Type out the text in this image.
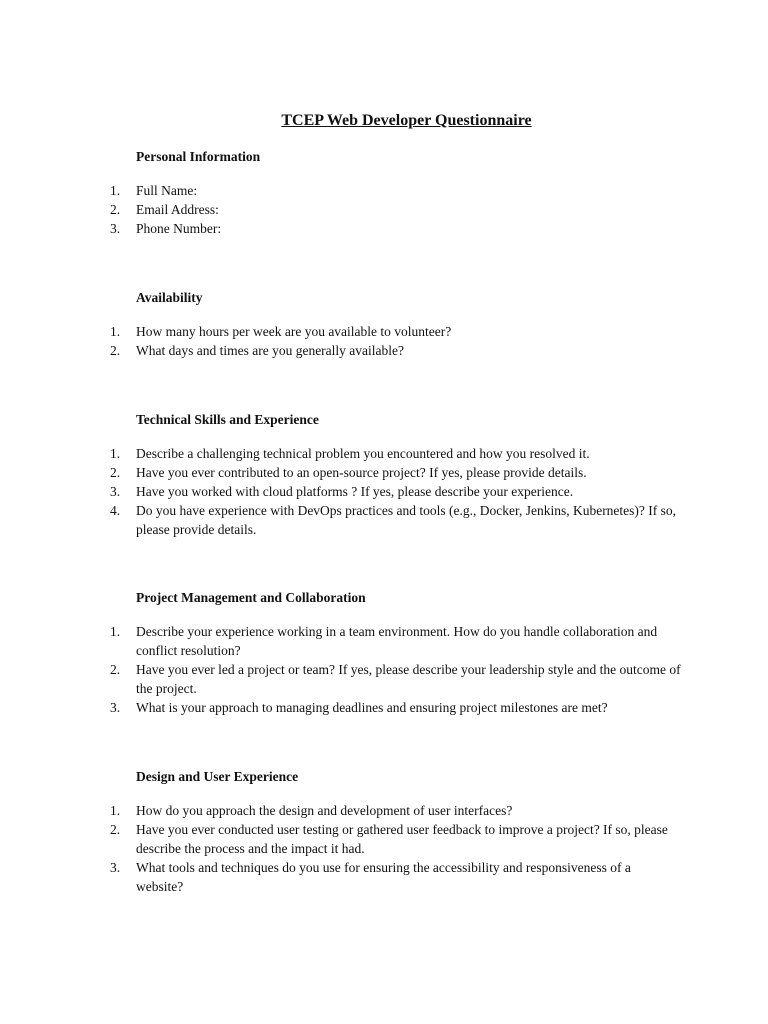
TCEP Web Developer Questionnaire
Personal Information
1.	Full Name:
2.	Email Address:
3.	Phone Number:
Availability
1.	How many hours per week are you available to volunteer?
2.	What days and times are you generally available?
Technical Skills and Experience
1.	Describe a challenging technical problem you encountered and how you resolved it.
2.	Have you ever contributed to an open-source project? If yes, please provide details.
3.	Have you worked with cloud platforms ? If yes, please describe your experience.
4.	Do you have experience with DevOps practices and tools (e.g., Docker, Jenkins, Kubernetes)? If so, please provide details.
Project Management and Collaboration
1.	Describe your experience working in a team environment. How do you handle collaboration and conflict resolution?
2.	Have you ever led a project or team? If yes, please describe your leadership style and the outcome of the project.
3.	What is your approach to managing deadlines and ensuring project milestones are met?
Design and User Experience
1.	How do you approach the design and development of user interfaces?
2.	Have you ever conducted user testing or gathered user feedback to improve a project? If so, please describe the process and the impact it had.
3.	What tools and techniques do you use for ensuring the accessibility and responsiveness of a website?
